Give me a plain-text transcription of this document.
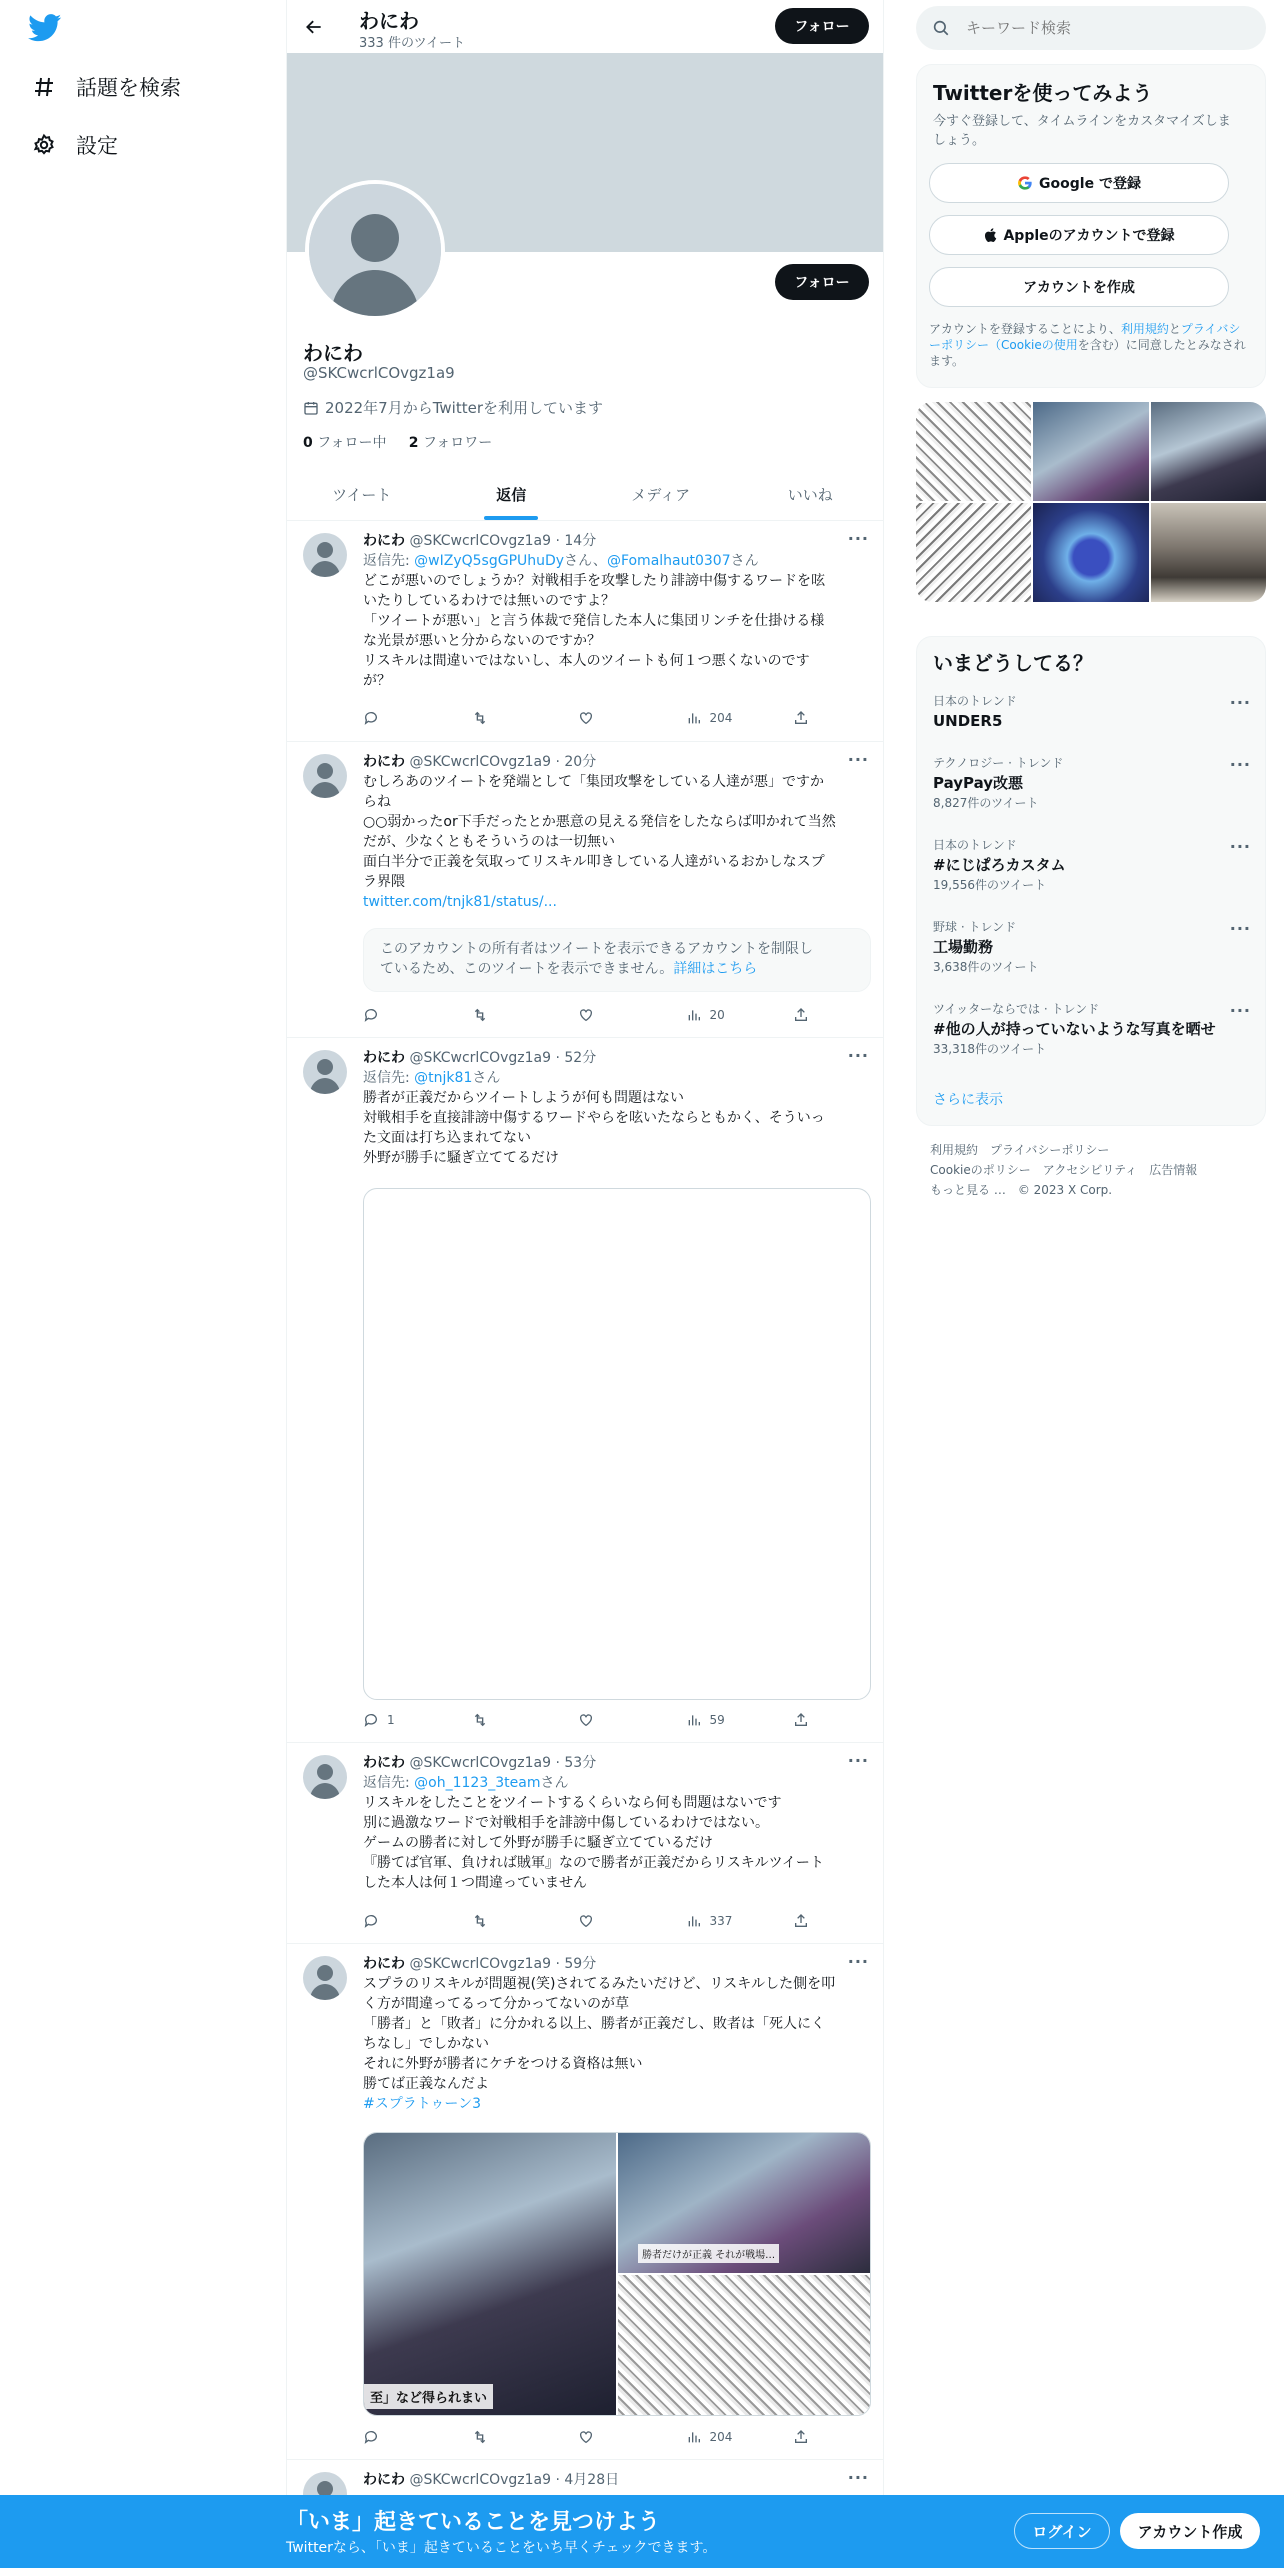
話題を検索
設定
わにわ
333 件のツイート
フォロー
フォロー
わにわ
@SKCwcrlCOvgz1a9
2022年7月からTwitterを利用しています
0 フォロー中 2 フォロワー
ツイート	返信	メディア	いいね
···
わにわ @SKCwcrlCOvgz1a9 · 14分
返信先: @wIZyQ5sgGPUhuDyさん、@Fomalhaut0307さん
どこが悪いのでしょうか？対戦相手を攻撃したり誹謗中傷するワードを呟
いたりしているわけでは無いのですよ？
「ツイートが悪い」と言う体裁で発信した本人に集団リンチを仕掛ける様
な光景が悪いと分からないのですか？
リスキルは間違いではないし、本人のツイートも何１つ悪くないのです
が？
204
···
わにわ @SKCwcrlCOvgz1a9 · 20分
むしろあのツイートを発端として「集団攻撃をしている人達が悪」ですか
らね
○○弱かったor下手だったとか悪意の見える発信をしたならば叩かれて当然
だが、少なくともそういうのは一切無い
面白半分で正義を気取ってリスキル叩きしている人達がいるおかしなスプ
ラ界隈
twitter.com/tnjk81/status/...
このアカウントの所有者はツイートを表示できるアカウントを制限し
ているため、このツイートを表示できません。詳細はこちら
20
···
わにわ @SKCwcrlCOvgz1a9 · 52分
返信先: @tnjk81さん
勝者が正義だからツイートしようが何も問題はない
対戦相手を直接誹謗中傷するワードやらを呟いたならともかく、そういっ
た文面は打ち込まれてない
外野が勝手に騒ぎ立ててるだけ
1	59
···
わにわ @SKCwcrlCOvgz1a9 · 53分
返信先: @oh_1123_3teamさん
リスキルをしたことをツイートするくらいなら何も問題はないです
別に過激なワードで対戦相手を誹謗中傷しているわけではない。
ゲームの勝者に対して外野が勝手に騒ぎ立てているだけ
『勝てば官軍、負ければ賊軍』なので勝者が正義だからリスキルツイート
した本人は何１つ間違っていません
337
···
わにわ @SKCwcrlCOvgz1a9 · 59分
スプラのリスキルが問題視(笑)されてるみたいだけど、リスキルした側を叩
く方が間違ってるって分かってないのが草
「勝者」と「敗者」に分かれる以上、勝者が正義だし、敗者は「死人にく
ちなし」でしかない
それに外野が勝者にケチをつける資格は無い
勝てば正義なんだよ
#スプラトゥーン3
至」など得られまい
勝者だけが正義 それが戦場…
204
···
わにわ @SKCwcrlCOvgz1a9 · 4月28日
キーワード検索
Twitterを使ってみよう
今すぐ登録して、タイムラインをカスタマイズしま
しょう。
Google で登録
Appleのアカウントで登録
アカウントを作成
アカウントを登録することにより、利用規約とプライバシーポリシー（Cookieの使用を含む）に同意したとみなされます。
いまどうしてる？
日本のトレンド
UNDER5
···
テクノロジー · トレンド
PayPay改悪
8,827件のツイート
···
日本のトレンド
#にじぱろカスタム
19,556件のツイート
···
野球 · トレンド
工場勤務
3,638件のツイート
···
ツイッターならでは · トレンド
#他の人が持っていないような写真を晒せ
33,318件のツイート
···
さらに表示
利用規約 プライバシーポリシー
Cookieのポリシー アクセシビリティ 広告情報
もっと見る … © 2023 X Corp.
「いま」起きていることを見つけよう
Twitterなら、「いま」起きていることをいち早くチェックできます。
ログイン	アカウント作成
